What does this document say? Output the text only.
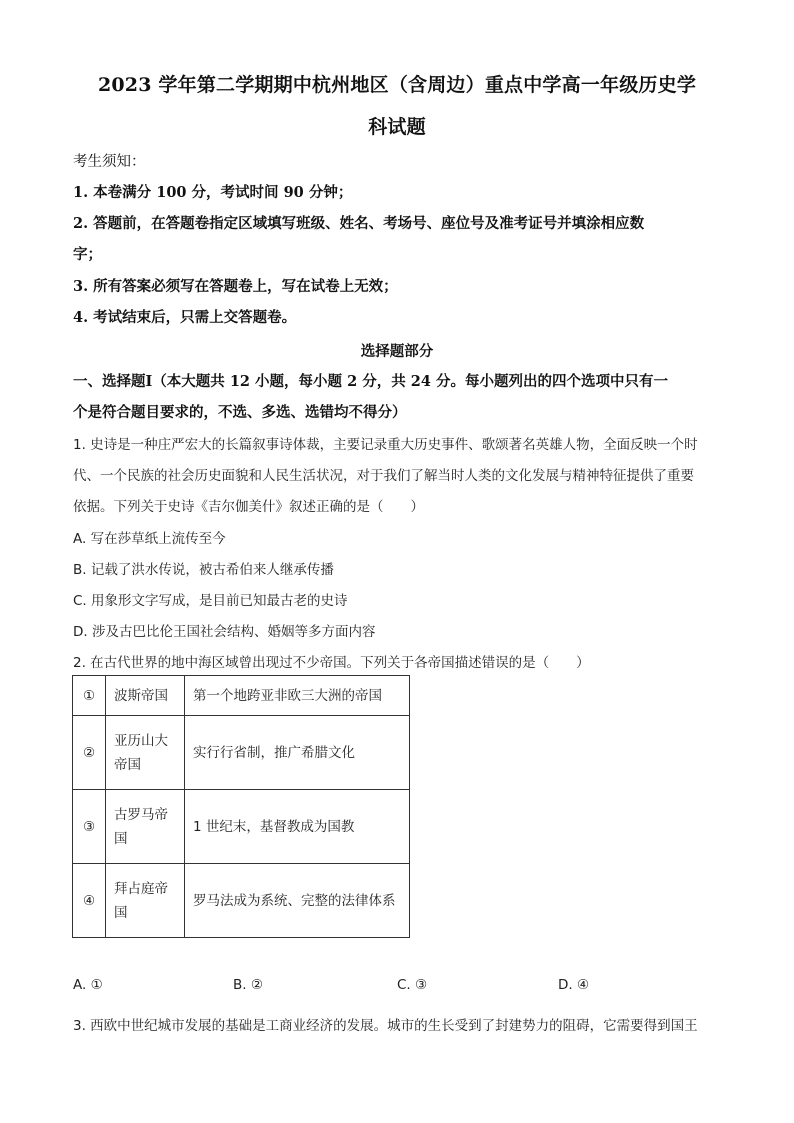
2023 学年第二学期期中杭州地区（含周边）重点中学高一年级历史学
科试题
考生须知：
1. 本卷满分 100 分，考试时间 90 分钟；
2. 答题前，在答题卷指定区域填写班级、姓名、考场号、座位号及准考证号并填涂相应数
字；
3. 所有答案必须写在答题卷上，写在试卷上无效；
4. 考试结束后，只需上交答题卷。
选择题部分
一、选择题Ⅰ（本大题共 12 小题，每小题 2 分，共 24 分。每小题列出的四个选项中只有一
个是符合题目要求的，不选、多选、选错均不得分）
1. 史诗是一种庄严宏大的长篇叙事诗体裁，主要记录重大历史事件、歌颂著名英雄人物，全面反映一个时
代、一个民族的社会历史面貌和人民生活状况，对于我们了解当时人类的文化发展与精神特征提供了重要
依据。下列关于史诗《吉尔伽美什》叙述正确的是（　　）
A. 写在莎草纸上流传至今
B. 记载了洪水传说，被古希伯来人继承传播
C. 用象形文字写成，是目前已知最古老的史诗
D. 涉及古巴比伦王国社会结构、婚姻等多方面内容
2. 在古代世界的地中海区域曾出现过不少帝国。下列关于各帝国描述错误的是（　　）
①	波斯帝国	第一个地跨亚非欧三大洲的帝国
②	亚历山大
帝国	实行行省制，推广希腊文化
③	古罗马帝
国	1 世纪末，基督教成为国教
④	拜占庭帝
国	罗马法成为系统、完整的法律体系
A. ①	B. ②	C. ③	D. ④
3. 西欧中世纪城市发展的基础是工商业经济的发展。城市的生长受到了封建势力的阻碍，它需要得到国王
